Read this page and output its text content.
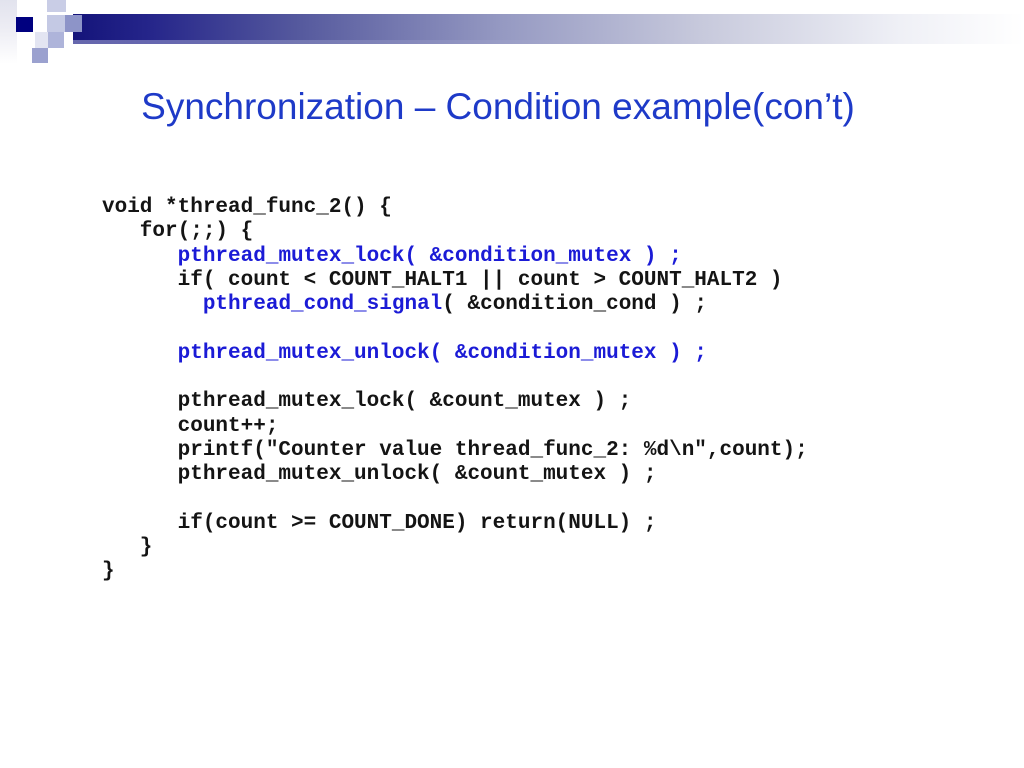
Synchronization – Condition example(con’t)
void *thread_func_2() {
for(;;) {
pthread_mutex_lock( &condition_mutex ) ;
if( count < COUNT_HALT1 || count > COUNT_HALT2 )
pthread_cond_signal( &condition_cond ) ;

pthread_mutex_unlock( &condition_mutex ) ;

pthread_mutex_lock( &count_mutex ) ;
count++;
printf("Counter value thread_func_2: %d\n",count);
pthread_mutex_unlock( &count_mutex ) ;

if(count >= COUNT_DONE) return(NULL) ;
}
}
